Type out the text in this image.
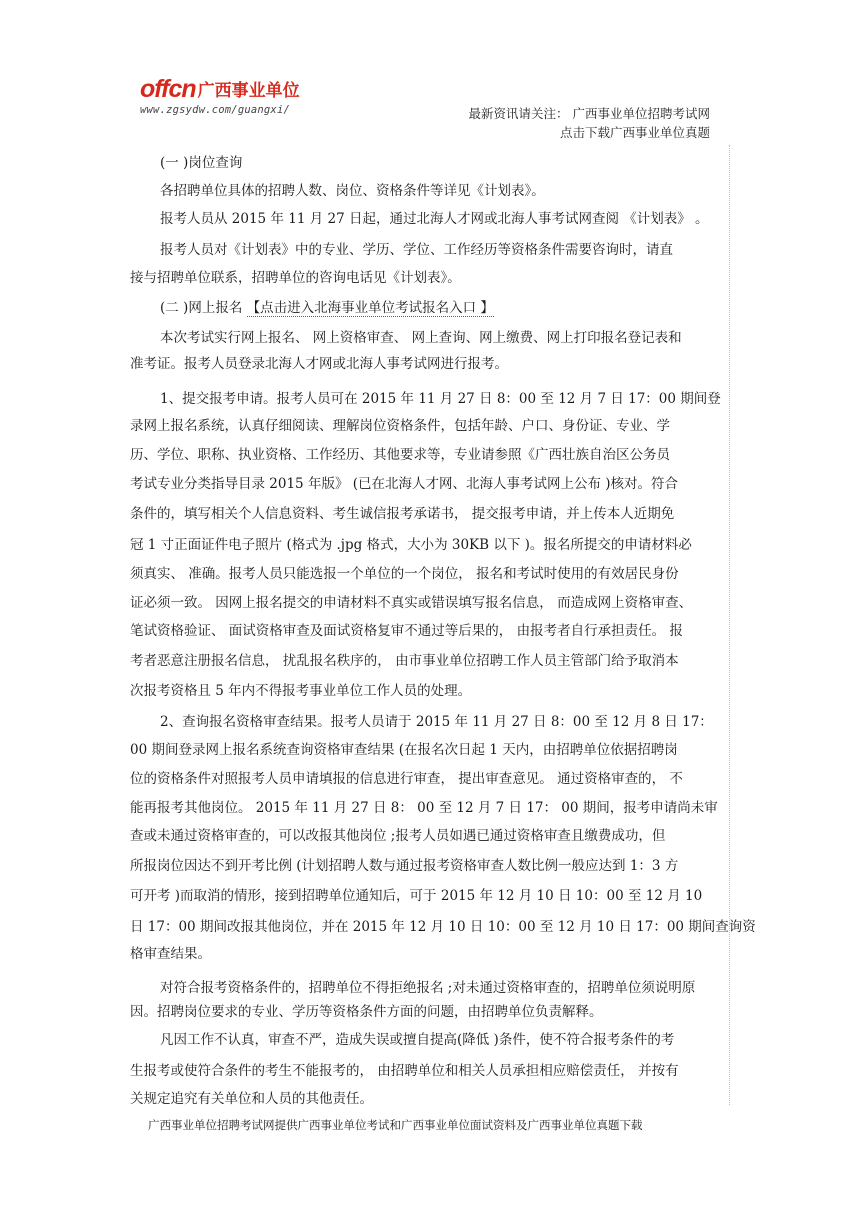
offcn 广西事业单位
www.zgsydw.com/guangxi/	最新资讯请关注： 广西事业单位招聘考试网
点击下载广西事业单位真题

(一 )岗位查询

各招聘单位具体的招聘人数、岗位、资格条件等详见《计划表》。

报考人员从 2015 年 11 月 27 日起，通过北海人才网或北海人事考试网查阅 《计划表》 。

报考人员对《计划表》中的专业、学历、学位、工作经历等资格条件需要咨询时，请直

接与招聘单位联系，招聘单位的咨询电话见《计划表》。

(二 )网上报名 【点击进入北海事业单位考试报名入口 】

本次考试实行网上报名、 网上资格审查、 网上查询、网上缴费、网上打印报名登记表和

准考证。报考人员登录北海人才网或北海人事考试网进行报考。

1、提交报考申请。报考人员可在 2015 年 11 月 27 日 8：00 至 12 月 7 日 17：00 期间登

录网上报名系统，认真仔细阅读、理解岗位资格条件，包括年龄、户口、身份证、专业、学

历、学位、职称、执业资格、工作经历、其他要求等，专业请参照《广西壮族自治区公务员

考试专业分类指导目录 2015 年版》 (已在北海人才网、北海人事考试网上公布 )核对。符合

条件的，填写相关个人信息资料、考生诚信报考承诺书， 提交报考申请，并上传本人近期免

冠 1 寸正面证件电子照片 (格式为 .jpg 格式，大小为 30KB 以下 )。报名所提交的申请材料必

须真实、 准确。报考人员只能选报一个单位的一个岗位， 报名和考试时使用的有效居民身份

证必须一致。 因网上报名提交的申请材料不真实或错误填写报名信息， 而造成网上资格审查、

笔试资格验证、 面试资格审查及面试资格复审不通过等后果的， 由报考者自行承担责任。 报

考者恶意注册报名信息， 扰乱报名秩序的， 由市事业单位招聘工作人员主管部门给予取消本

次报考资格且 5 年内不得报考事业单位工作人员的处理。

2、查询报名资格审查结果。报考人员请于 2015 年 11 月 27 日 8：00 至 12 月 8 日 17：

00 期间登录网上报名系统查询资格审查结果 (在报名次日起 1 天内，由招聘单位依据招聘岗

位的资格条件对照报考人员申请填报的信息进行审查， 提出审查意见。 通过资格审查的， 不

能再报考其他岗位。 2015 年 11 月 27 日 8： 00 至 12 月 7 日 17： 00 期间，报考申请尚未审

查或未通过资格审查的，可以改报其他岗位 ;报考人员如遇已通过资格审查且缴费成功，但

所报岗位因达不到开考比例 (计划招聘人数与通过报考资格审查人数比例一般应达到 1：3 方

可开考 )而取消的情形，接到招聘单位通知后，可于 2015 年 12 月 10 日 10：00 至 12 月 10

日 17：00 期间改报其他岗位，并在 2015 年 12 月 10 日 10：00 至 12 月 10 日 17：00 期间查询资

格审查结果。

对符合报考资格条件的，招聘单位不得拒绝报名 ;对未通过资格审查的，招聘单位须说明原

因。招聘岗位要求的专业、学历等资格条件方面的问题，由招聘单位负责解释。

凡因工作不认真，审查不严，造成失误或擅自提高(降低 )条件，使不符合报考条件的考

生报考或使符合条件的考生不能报考的， 由招聘单位和相关人员承担相应赔偿责任， 并按有

关规定追究有关单位和人员的其他责任。

广西事业单位招聘考试网提供广西事业单位考试和广西事业单位面试资料及广西事业单位真题下载
